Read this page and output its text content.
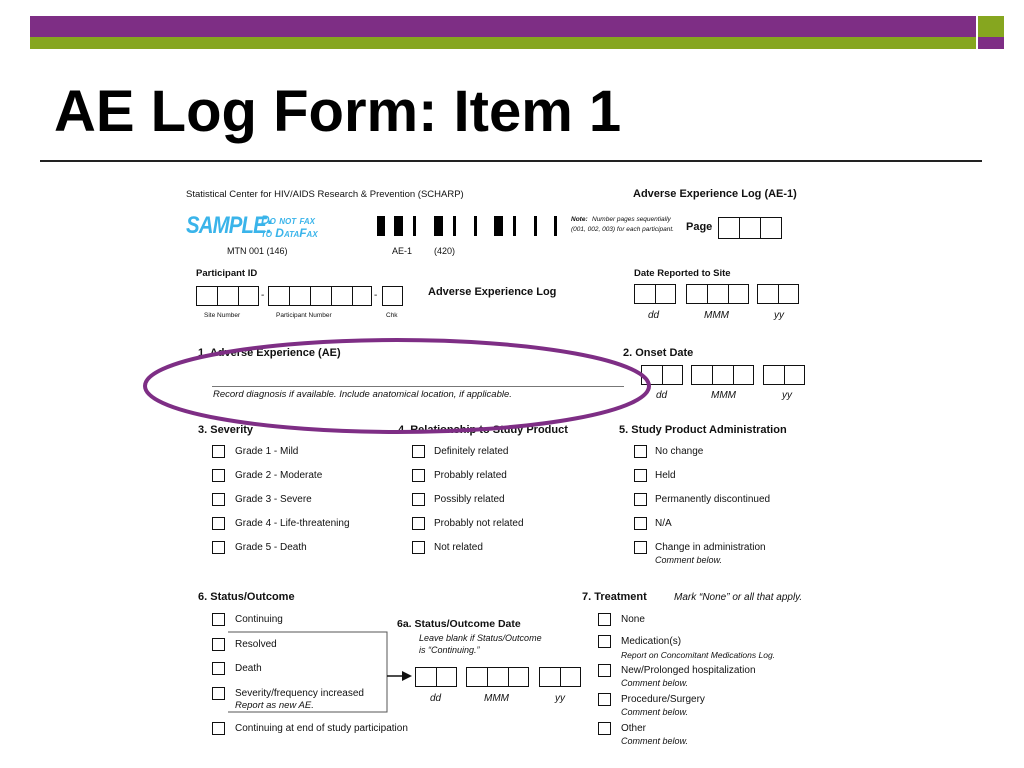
AE Log Form: Item 1
Statistical Center for HIV/AIDS Research & Prevention (SCHARP)	Adverse Experience Log (AE-1)
SAMPLE:
Do not fax
to DataFax
MTN 001 (146)	AE-1 (420)
Note: Number pages sequentially
(001, 002, 003) for each participant. Page
Participant ID
-	-
Site Number	Participant Number	Chk
Adverse Experience Log
Date Reported to Site
dd	MMM	yy
1. Adverse Experience (AE)
Record diagnosis if available. Include anatomical location, if applicable.
2. Onset Date
dd	MMM	yy
3. Severity
Grade 1 - Mild
Grade 2 - Moderate
Grade 3 - Severe
Grade 4 - Life-threatening
Grade 5 - Death
4. Relationship to Study Product
Definitely related
Probably related
Possibly related
Probably not related
Not related
5. Study Product Administration
No change
Held
Permanently discontinued
N/A
Change in administration
Comment below.
6. Status/Outcome
Continuing
Resolved
Death
Severity/frequency increased
Report as new AE.
Continuing at end of study participation
6a. Status/Outcome Date
Leave blank if Status/Outcome
is “Continuing.”
dd	MMM	yy
7. Treatment	Mark “None” or all that apply.
None
Medication(s)
Report on Concomitant Medications Log.
New/Prolonged hospitalization
Comment below.
Procedure/Surgery
Comment below.
Other
Comment below.
